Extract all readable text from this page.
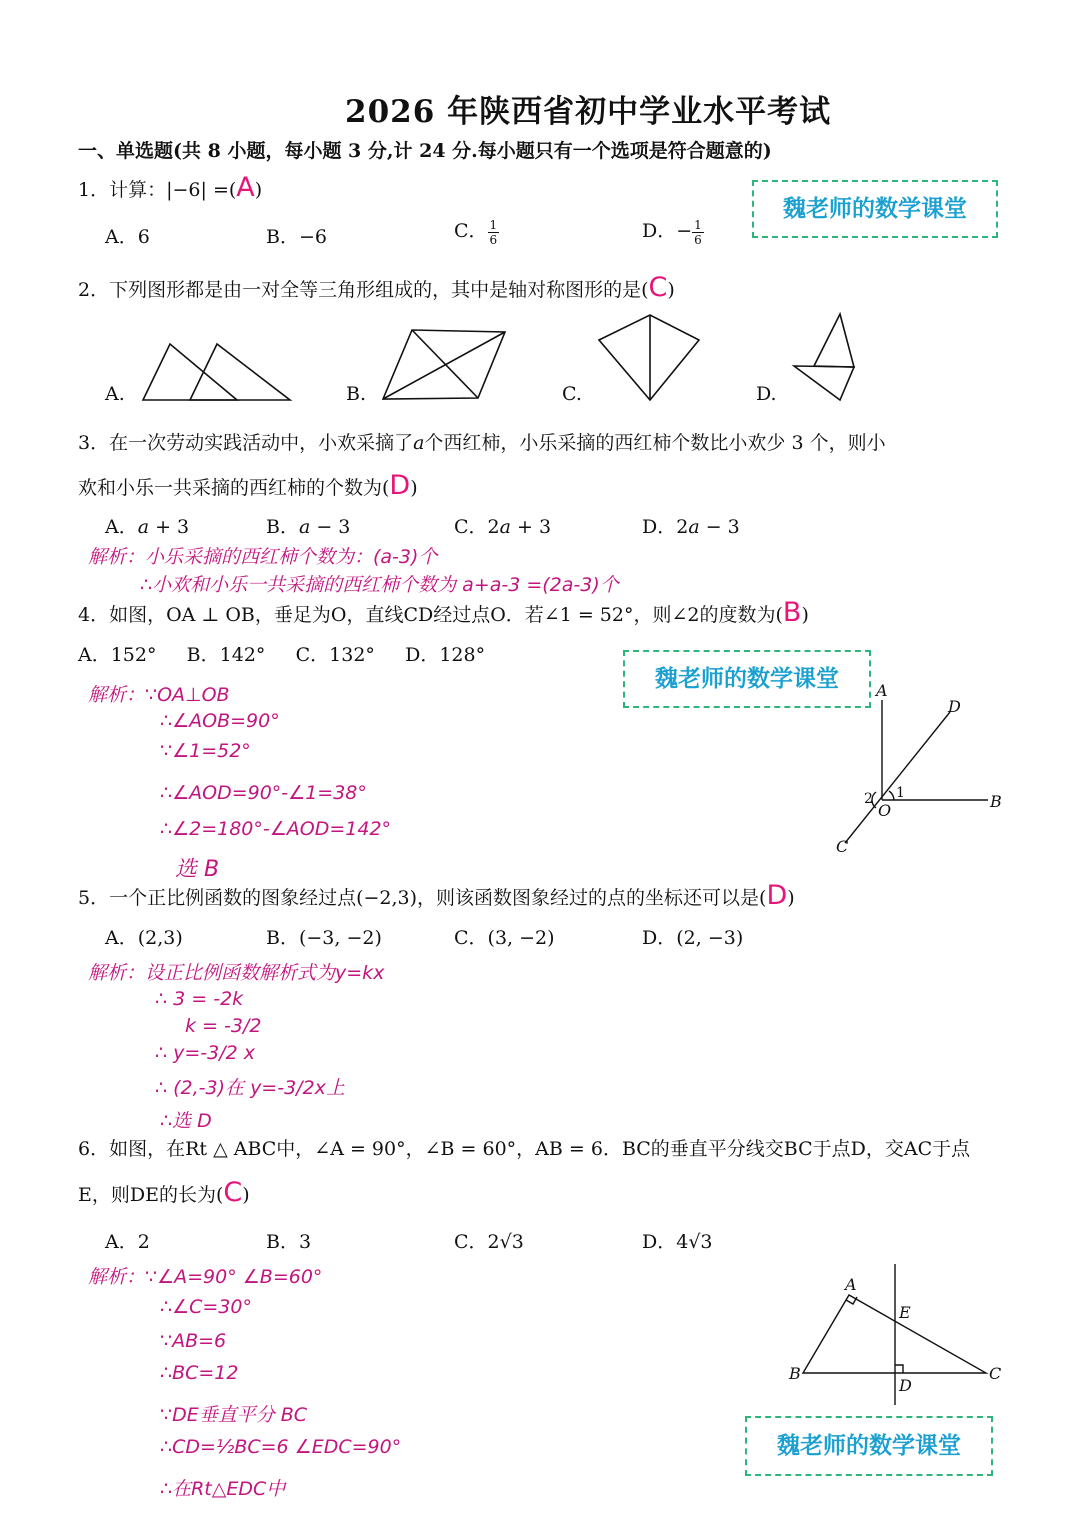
2026 年陕西省初中学业水平考试
一、单选题(共 8 小题，每小题 3 分,计 24 分.每小题只有一个选项是符合题意的)
魏老师的数学课堂
魏老师的数学课堂
魏老师的数学课堂
1．计算：|−6| =(A)
A．6	B．−6	C． $\frac{1}{6}$	D．− $\frac{1}{6}$
2．下列图形都是由一对全等三角形组成的，其中是轴对称图形的是(C)
A.	B.	C.	D.
3．在一次劳动实践活动中，小欢采摘了𝑎个西红柿，小乐采摘的西红柿个数比小欢少 3 个，则小
欢和小乐一共采摘的西红柿的个数为(D)
A．𝑎 + 3	B．𝑎 − 3	C．2𝑎 + 3	D．2𝑎 − 3
解析：小乐采摘的西红柿个数为：(a-3)个
∴小欢和小乐一共采摘的西红柿个数为 a+a-3 =(2a-3)个
4．如图，OA ⊥ OB，垂足为O，直线CD经过点O．若∠1 = 52°，则∠2的度数为(B)
A．152°     B．142°     C．132°     D．128°
解析：∵OA⊥OB
∴∠AOB=90°
∵∠1=52°
∴∠AOD=90°-∠1=38°
∴∠2=180°-∠AOD=142°
选 B
A
D
B
C
O
1
2
5．一个正比例函数的图象经过点(−2,3)，则该函数图象经过的点的坐标还可以是(D)
A．(2,3)	B．(−3, −2)	C．(3, −2)	D．(2, −3)
解析：设正比例函数解析式为y=kx
∴ 3 = -2k
k = -3/2
∴ y=-3/2 x
∴ (2,-3)在 y=-3/2x上
∴选 D
6．如图，在Rt △ ABC中，∠A = 90°，∠B = 60°，AB = 6．BC的垂直平分线交BC于点D，交AC于点
E，则DE的长为(C)
A．2	B．3	C．2√3	D．4√3
解析：∵∠A=90° ∠B=60°
∴∠C=30°
∵AB=6
∴BC=12
∵DE垂直平分 BC
∴CD=½BC=6 ∠EDC=90°
∴在Rt△EDC中
A
B	C
D
E
